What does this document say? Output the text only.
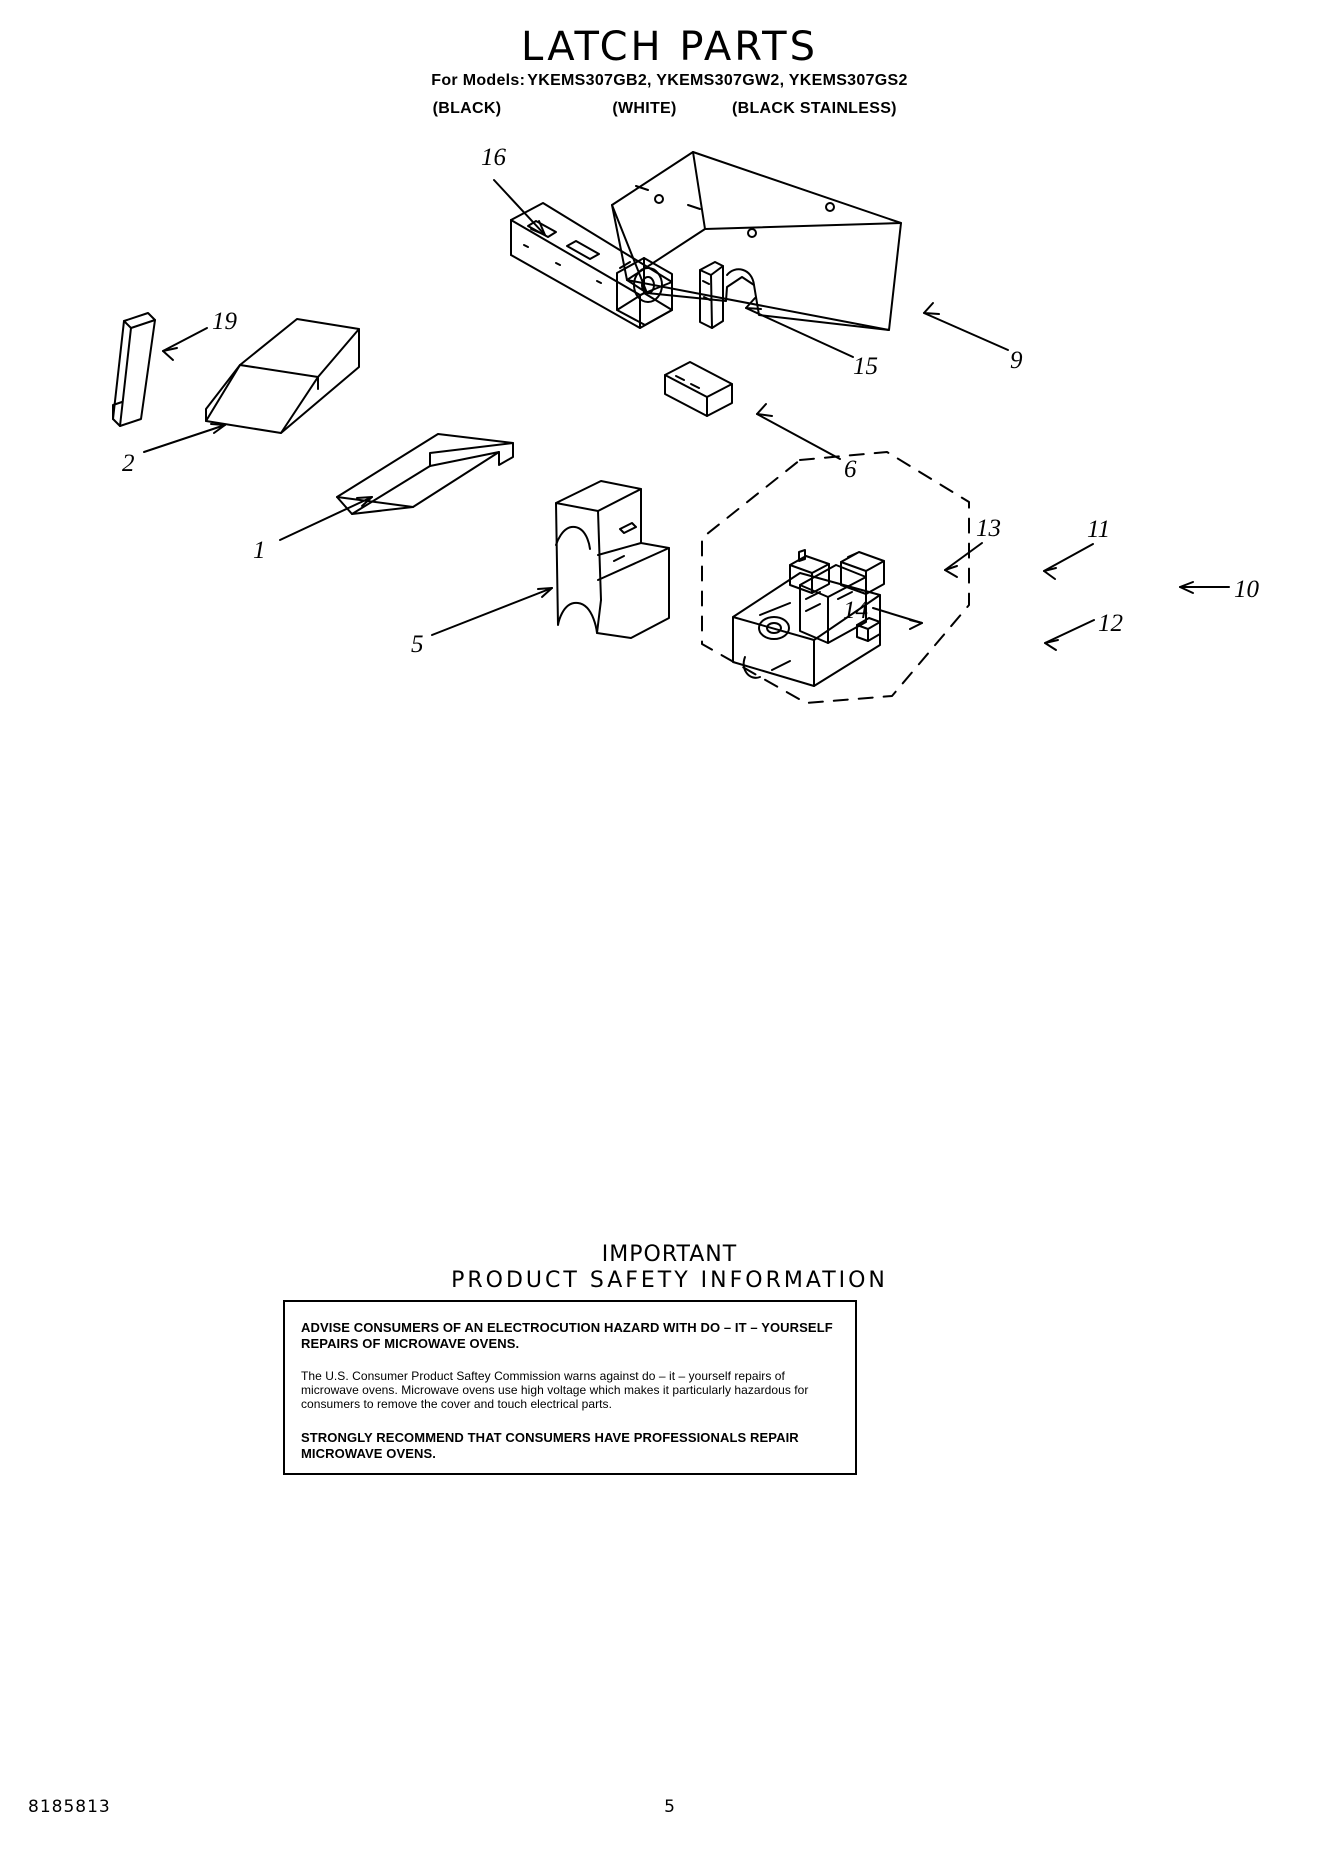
LATCH PARTS
For Models: YKEMS307GB2, YKEMS307GW2, YKEMS307GS2
(BLACK)	(WHITE)	(BLACK STAINLESS)
16
15	9
19
2	6
1
5
13	11
14	12
10
IMPORTANT
PRODUCT SAFETY INFORMATION

ADVISE CONSUMERS OF AN ELECTROCUTION HAZARD WITH DO – IT – YOURSELF REPAIRS OF MICROWAVE OVENS.

The U.S. Consumer Product Saftey Commission warns against do – it – yourself repairs of microwave ovens. Microwave ovens use high voltage which makes it particularly hazardous for consumers to remove the cover and touch electrical parts.

STRONGLY RECOMMEND THAT CONSUMERS HAVE PROFESSIONALS REPAIR MICROWAVE OVENS.

8185813	5
